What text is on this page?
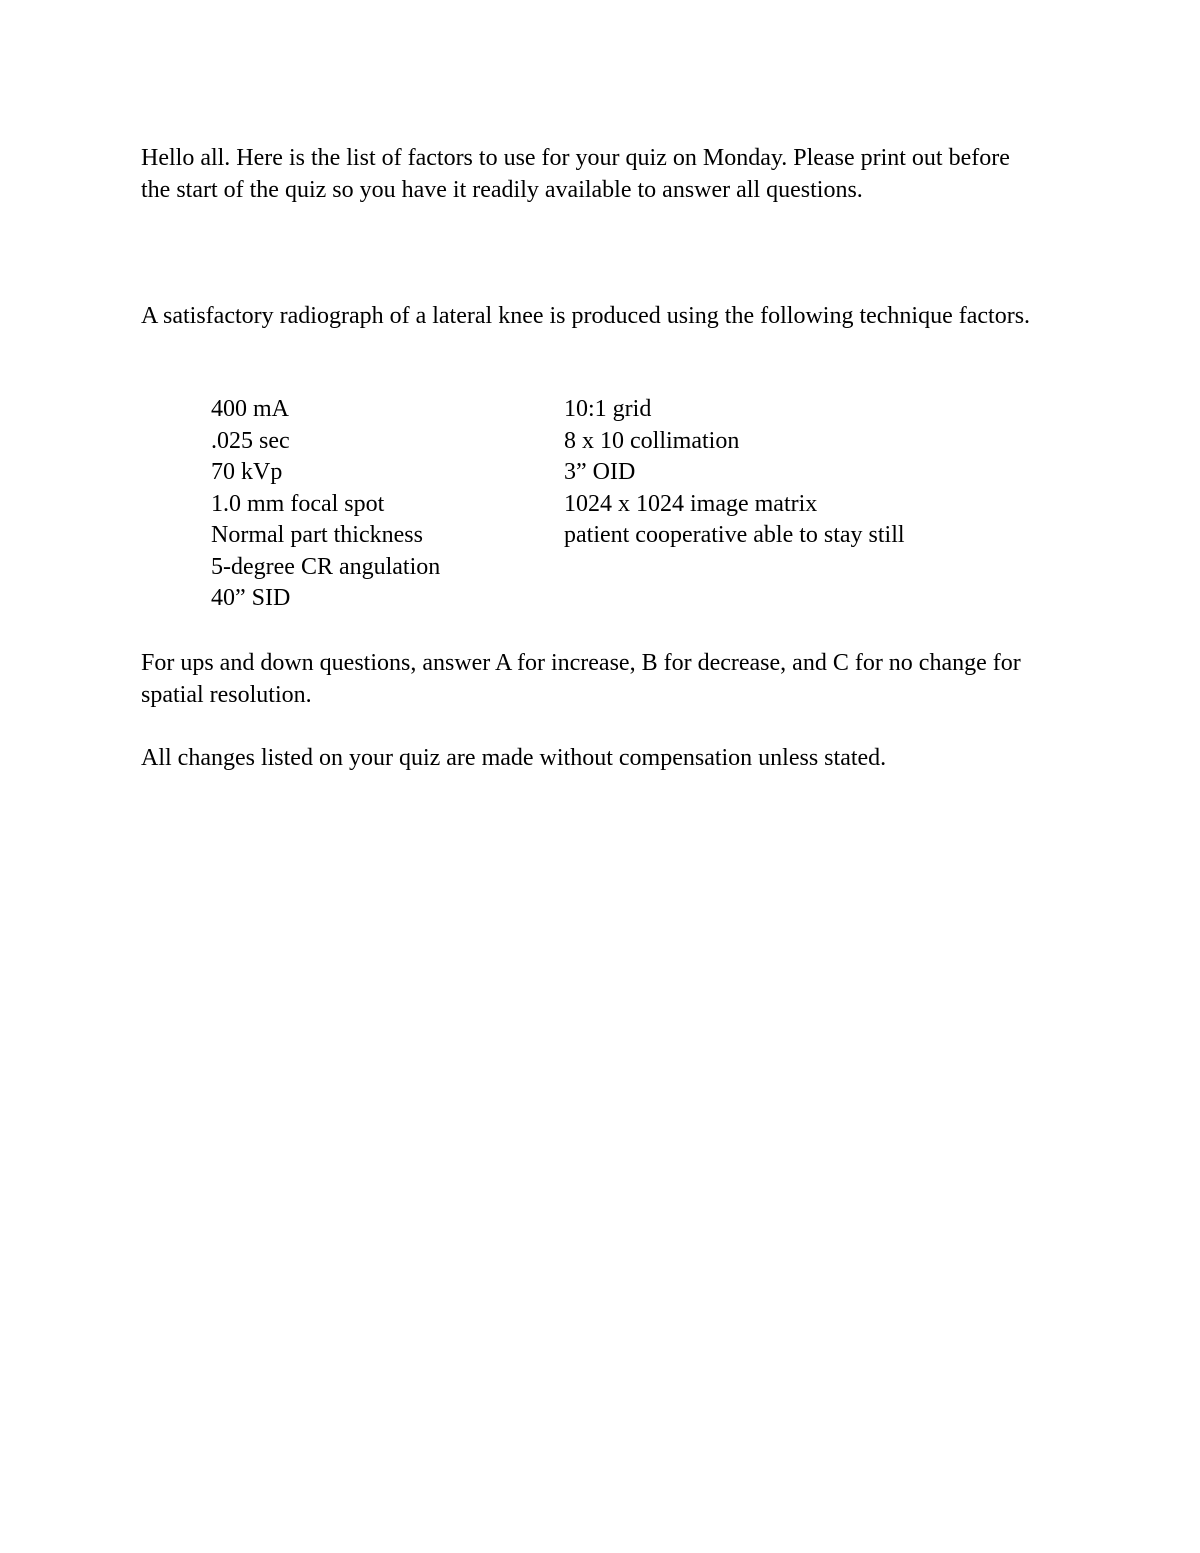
Hello all. Here is the list of factors to use for your quiz on Monday. Please print out before the start of the quiz so you have it readily available to answer all questions.

A satisfactory radiograph of a lateral knee is produced using the following technique factors.

400 mA
.025 sec
70 kVp
1.0 mm focal spot
Normal part thickness
5-degree CR angulation
40” SID
10:1 grid
8 x 10 collimation
3” OID
1024 x 1024 image matrix
patient cooperative able to stay still

For ups and down questions, answer A for increase, B for decrease, and C for no change for spatial resolution.

All changes listed on your quiz are made without compensation unless stated.
